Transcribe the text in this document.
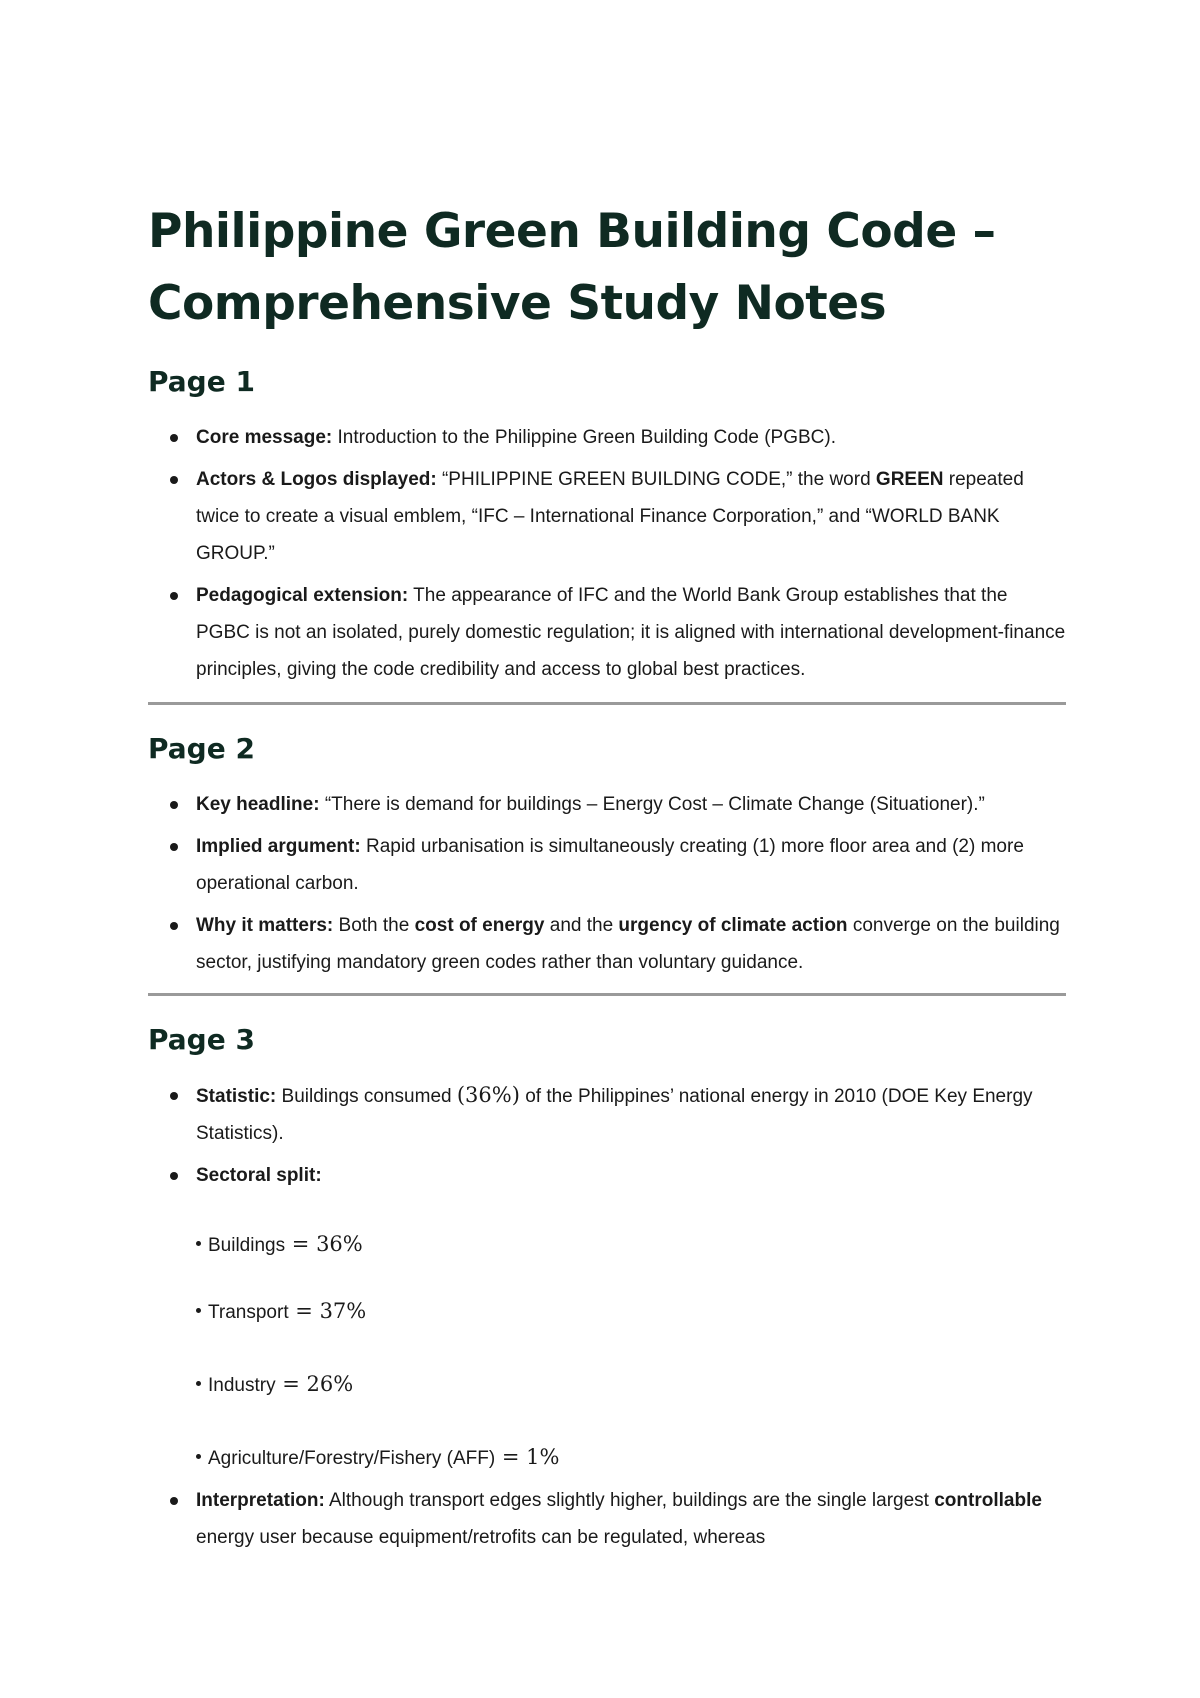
Philippine Green Building Code –
Comprehensive Study Notes
Page 1
Core message: Introduction to the Philippine Green Building Code (PGBC).
Actors & Logos displayed: “PHILIPPINE GREEN BUILDING CODE,” the word GREEN repeated twice to create a visual emblem, “IFC – International Finance Corporation,” and “WORLD BANK GROUP.”
Pedagogical extension: The appearance of IFC and the World Bank Group establishes that the PGBC is not an isolated, purely domestic regulation; it is aligned with international development-finance principles, giving the code credibility and access to global best practices.
Page 2
Key headline: “There is demand for buildings – Energy Cost – Climate Change (Situationer).”
Implied argument: Rapid urbanisation is simultaneously creating (1) more floor area and (2) more operational carbon.
Why it matters: Both the cost of energy and the urgency of climate action converge on the building sector, justifying mandatory green codes rather than voluntary guidance.
Page 3
Statistic: Buildings consumed (36%) of the Philippines’ national energy in 2010 (DOE Key Energy Statistics).
Sectoral split:
Buildings = 36%
Transport = 37%
Industry = 26%
Agriculture/Forestry/Fishery (AFF) = 1%
Interpretation: Although transport edges slightly higher, buildings are the single largest controllable energy user because equipment/retrofits can be regulated, whereas
